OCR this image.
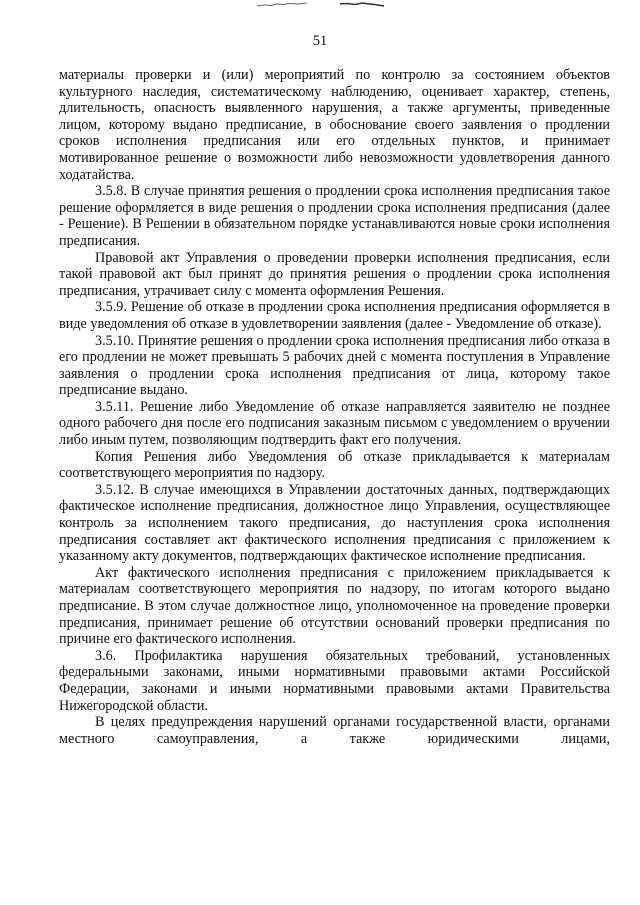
51

материалы проверки и (или) мероприятий по контролю за состоянием объектов культурного наследия, систематическому наблюдению, оценивает характер, степень, длительность, опасность выявленного нарушения, а также аргументы, приведенные лицом, которому выдано предписание, в обоснование своего заявления о продлении сроков исполнения предписания или его отдельных пунктов, и принимает мотивированное решение о возможности либо невозможности удовлетворения данного ходатайства.

3.5.8. В случае принятия решения о продлении срока исполнения предписания такое решение оформляется в виде решения о продлении срока исполнения предписания (далее - Решение). В Решении в обязательном порядке устанавливаются новые сроки исполнения предписания.

Правовой акт Управления о проведении проверки исполнения предписания, если такой правовой акт был принят до принятия решения о продлении срока исполнения предписания, утрачивает силу с момента оформления Решения.

3.5.9. Решение об отказе в продлении срока исполнения предписания оформляется в виде уведомления об отказе в удовлетворении заявления (далее - Уведомление об отказе).

3.5.10. Принятие решения о продлении срока исполнения предписания либо отказа в его продлении не может превышать 5 рабочих дней с момента поступления в Управление заявления о продлении срока исполнения предписания от лица, которому такое предписание выдано.

3.5.11. Решение либо Уведомление об отказе направляется заявителю не позднее одного рабочего дня после его подписания заказным письмом с уведомлением о вручении либо иным путем, позволяющим подтвердить факт его получения.

Копия Решения либо Уведомления об отказе прикладывается к материалам соответствующего мероприятия по надзору.

3.5.12. В случае имеющихся в Управлении достаточных данных, подтверждающих фактическое исполнение предписания, должностное лицо Управления, осуществляющее контроль за исполнением такого предписания, до наступления срока исполнения предписания составляет акт фактического исполнения предписания с приложением к указанному акту документов, подтверждающих фактическое исполнение предписания.

Акт фактического исполнения предписания с приложением прикладывается к материалам соответствующего мероприятия по надзору, по итогам которого выдано предписание. В этом случае должностное лицо, уполномоченное на проведение проверки предписания, принимает решение об отсутствии оснований проверки предписания по причине его фактического исполнения.

3.6. Профилактика нарушения обязательных требований, установленных федеральными законами, иными нормативными правовыми актами Российской Федерации, законами и иными нормативными правовыми актами Правительства Нижегородской области.

В целях предупреждения нарушений органами государственной власти, органами местного самоуправления, а также юридическими лицами,
